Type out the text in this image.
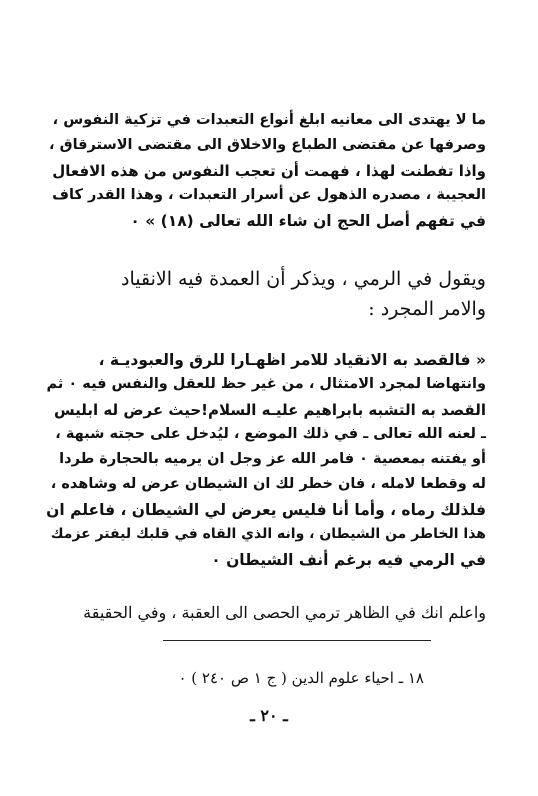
ما لا يهتدى الى معانيه ابلغ أنواع التعبدات في تزكية النفوس ،

وصرفها عن مقتضى الطباع والاخلاق الى مقتضى الاسترقاق ،

واذا تفطنت لهذا ، فهمت أن تعجب النفوس من هذه الافعال

العجيبة ، مصدره الذهول عن أسرار التعبدات ، وهذا القدر كاف

في تفهم أصل الحج ان شاء الله تعالى (١٨) » ٠

ويقول في الرمي ، ويذكر أن العمدة فيه الانقياد

والامر المجرد :

« فالقصد به الانقياد للامر اظهـارا للرق والعبوديـة ،

وانتهاضا لمجرد الامتثال ، من غير حظ للعقل والنفس فيه ٠ ثم

القصد به التشبه بابراهيم عليـه السلام!حيث عرض له ابليس

ـ لعنه الله تعالى ـ في ذلك الموضع ، ليُدخل على حجته شبهة ،

أو يفتنه بمعصية ٠ فامر الله عز وجل ان يرميه بالحجارة طردا

له وقطعا لامله ، فان خطر لك ان الشيطان عرض له وشاهده ،

فلذلك رماه ، وأما أنا فليس يعرض لي الشيطان ، فاعلم ان

هذا الخاطر من الشيطان ، وانه الذي القاه في قلبك ليفتر عزمك

في الرمي فيه برغم أنف الشيطان ٠

واعلم انك في الظاهر ترمي الحصى الى العقبة ، وفي الحقيقة

١٨ ـ احياء علوم الدين ( ج ١ ص ٢٤٠ ) ٠

ـ ٢٠ ـ
